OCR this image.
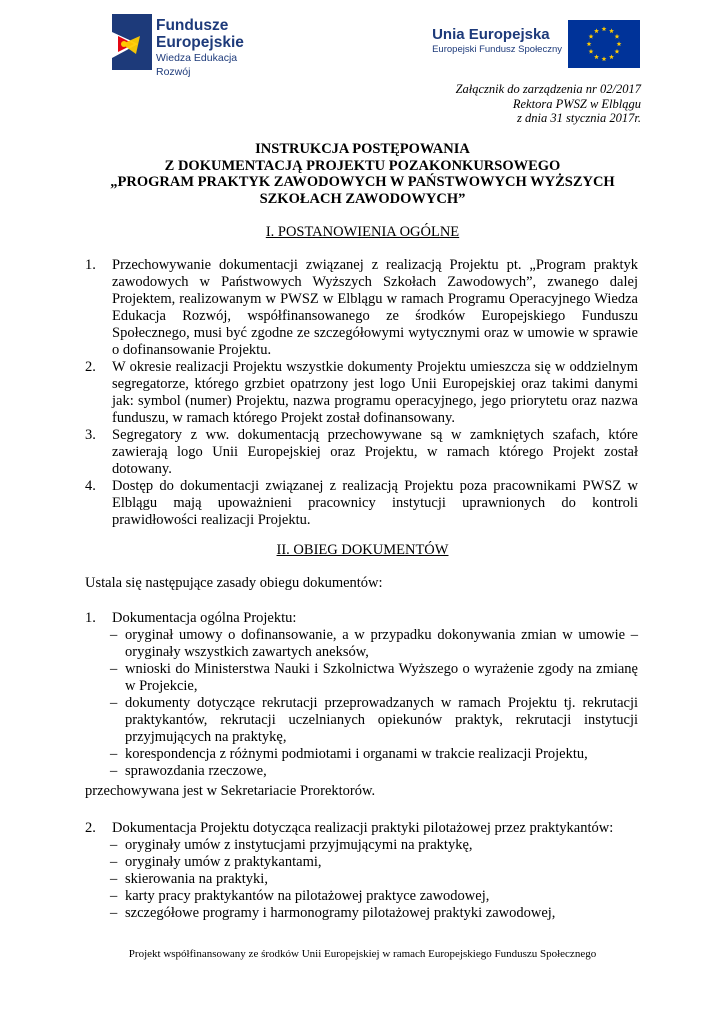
Fundusze
Europejskie
Wiedza Edukacja Rozwój
Unia Europejska
Europejski Fundusz Społeczny
Załącznik do zarządzenia nr 02/2017
Rektora PWSZ w Elblągu
z dnia 31 stycznia 2017r.
INSTRUKCJA POSTĘPOWANIA
Z DOKUMENTACJĄ PROJEKTU POZAKONKURSOWEGO
„PROGRAM PRAKTYK ZAWODOWYCH W PAŃSTWOWYCH WYŻSZYCH
SZKOŁACH ZAWODOWYCH”
I. POSTANOWIENIA OGÓLNE
1. Przechowywanie dokumentacji związanej z realizacją Projektu pt. „Program praktyk zawodowych w Państwowych Wyższych Szkołach Zawodowych”, zwanego dalej Projektem, realizowanym w PWSZ w Elblągu w ramach Programu Operacyjnego Wiedza Edukacja Rozwój, współfinansowanego ze środków Europejskiego Funduszu Społecznego, musi być zgodne ze szczegółowymi wytycznymi oraz w umowie w sprawie o dofinansowanie Projektu.
2. W okresie realizacji Projektu wszystkie dokumenty Projektu umieszcza się w oddzielnym segregatorze, którego grzbiet opatrzony jest logo Unii Europejskiej oraz takimi danymi jak: symbol (numer) Projektu, nazwa programu operacyjnego, jego priorytetu oraz nazwa funduszu, w ramach którego Projekt został dofinansowany.
3. Segregatory z ww. dokumentacją przechowywane są w zamkniętych szafach, które zawierają logo Unii Europejskiej oraz Projektu, w ramach którego Projekt został dotowany.
4. Dostęp do dokumentacji związanej z realizacją Projektu poza pracownikami PWSZ w Elblągu mają upoważnieni pracownicy instytucji uprawnionych do kontroli prawidłowości realizacji Projektu.
II. OBIEG DOKUMENTÓW
Ustala się następujące zasady obiegu dokumentów:
1. Dokumentacja ogólna Projektu:
– oryginał umowy o dofinansowanie, a w przypadku dokonywania zmian w umowie – oryginały wszystkich zawartych aneksów,
– wnioski do Ministerstwa Nauki i Szkolnictwa Wyższego o wyrażenie zgody na zmianę w Projekcie,
– dokumenty dotyczące rekrutacji przeprowadzanych w ramach Projektu tj. rekrutacji praktykantów, rekrutacji uczelnianych opiekunów praktyk, rekrutacji instytucji przyjmujących na praktykę,
– korespondencja z różnymi podmiotami i organami w trakcie realizacji Projektu,
– sprawozdania rzeczowe,
przechowywana jest w Sekretariacie Prorektorów.
2. Dokumentacja Projektu dotycząca realizacji praktyki pilotażowej przez praktykantów:
– oryginały umów z instytucjami przyjmującymi na praktykę,
– oryginały umów z praktykantami,
– skierowania na praktyki,
– karty pracy praktykantów na pilotażowej praktyce zawodowej,
– szczegółowe programy i harmonogramy pilotażowej praktyki zawodowej,
Projekt współfinansowany ze środków Unii Europejskiej w ramach Europejskiego Funduszu Społecznego
